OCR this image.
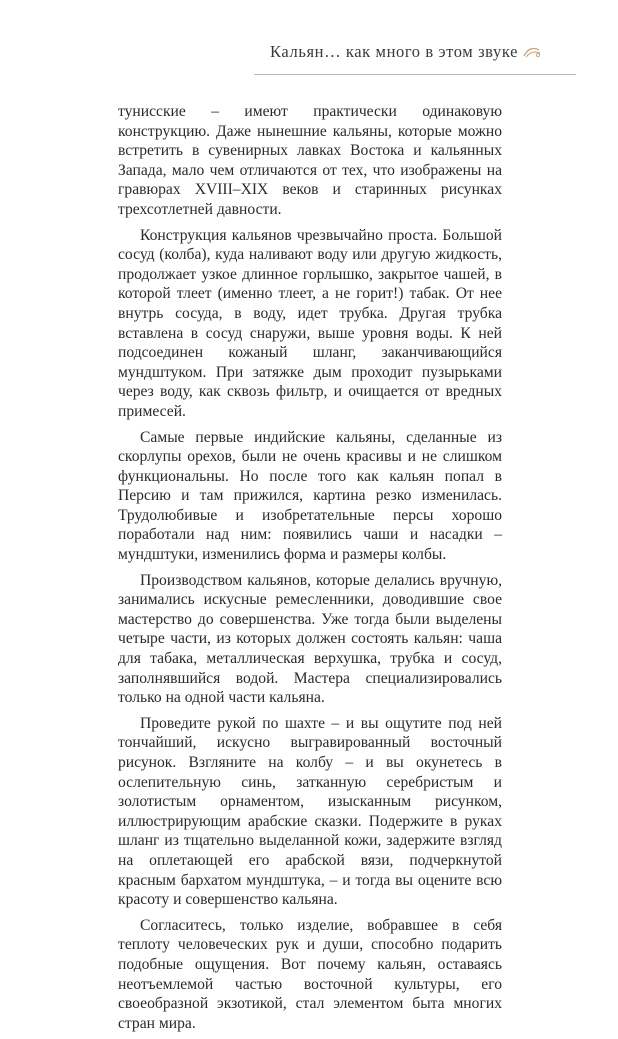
Кальян… как много в этом звуке

тунисские – имеют практически одинаковую конструкцию. Даже нынешние кальяны, которые можно встретить в сувенирных лавках Востока и кальянных Запада, мало чем отличаются от тех, что изображены на гравюрах XVIII–XIX веков и старинных рисунках трехсотлетней давности.

Конструкция кальянов чрезвычайно проста. Большой сосуд (колба), куда наливают воду или другую жидкость, продолжает узкое длинное горлышко, закрытое чашей, в которой тлеет (именно тлеет, а не горит!) табак. От нее внутрь сосуда, в воду, идет трубка. Другая трубка вставлена в сосуд снаружи, выше уровня воды. К ней подсоединен кожаный шланг, заканчивающийся мундштуком. При затяжке дым проходит пузырьками через воду, как сквозь фильтр, и очищается от вредных примесей.

Самые первые индийские кальяны, сделанные из скорлупы орехов, были не очень красивы и не слишком функциональны. Но после того как кальян попал в Персию и там прижился, картина резко изменилась. Трудолюбивые и изобретательные персы хорошо поработали над ним: появились чаши и насадки – мундштуки, изменились форма и размеры колбы.

Производством кальянов, которые делались вручную, занимались искусные ремесленники, доводившие свое мастерство до совершенства. Уже тогда были выделены четыре части, из которых должен состоять кальян: чаша для табака, металлическая верхушка, трубка и сосуд, заполнявшийся водой. Мастера специализировались только на одной части кальяна.

Проведите рукой по шахте – и вы ощутите под ней тончайший, искусно выгравированный восточный рисунок. Взгляните на колбу – и вы окунетесь в ослепительную синь, затканную серебристым и золотистым орнаментом, изысканным рисунком, иллюстрирующим арабские сказки. Подержите в руках шланг из тщательно выделанной кожи, задержите взгляд на оплетающей его арабской вязи, подчеркнутой красным бархатом мундштука, – и тогда вы оцените всю красоту и совершенство кальяна.

Согласитесь, только изделие, вобравшее в себя теплоту человеческих рук и души, способно подарить подобные ощущения. Вот почему кальян, оставаясь неотъемлемой частью восточной культуры, его своеобразной экзотикой, стал элементом быта многих стран мира.
